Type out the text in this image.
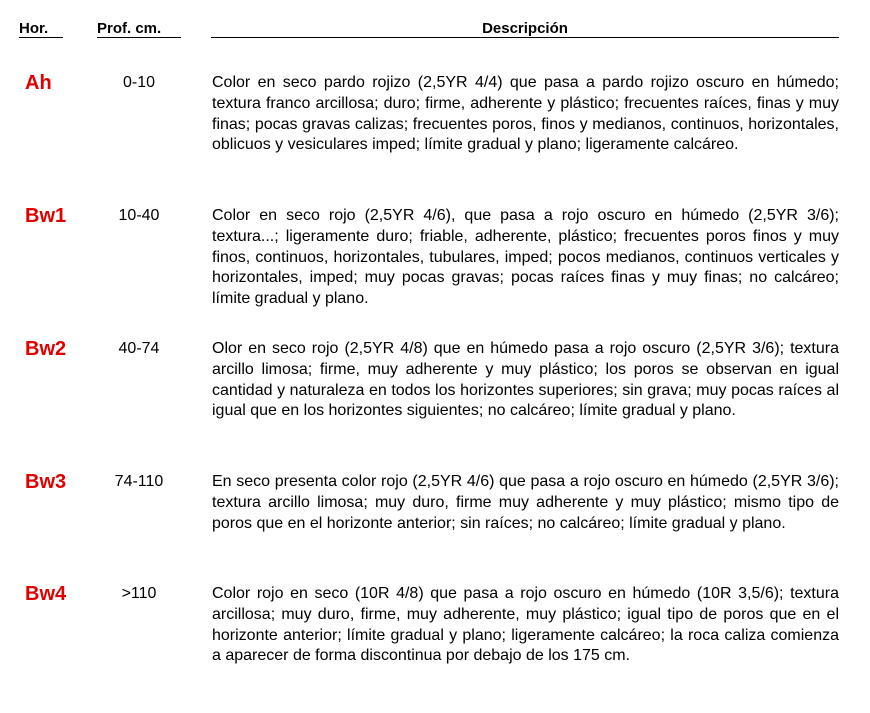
Hor.	Prof. cm.	Descripción
Ah	0-10	Color en seco pardo rojizo (2,5YR 4/4) que pasa a pardo rojizo oscuro en húmedo; textura franco arcillosa; duro; firme, adherente y plástico; frecuentes raíces, finas y muy finas; pocas gravas calizas; frecuentes poros, finos y medianos, continuos, horizontales, oblicuos y vesiculares imped; límite gradual y plano; ligeramente calcáreo.
Bw1	10-40	Color en seco rojo (2,5YR 4/6), que pasa a rojo oscuro en húmedo (2,5YR 3/6); textura...; ligeramente duro; friable, adherente, plástico; frecuentes poros finos y muy finos, continuos, horizontales, tubulares, imped; pocos medianos, continuos verticales y horizontales, imped; muy pocas gravas; pocas raíces finas y muy finas; no calcáreo; límite gradual y plano.
Bw2	40-74	Olor en seco rojo (2,5YR 4/8) que en húmedo pasa a rojo oscuro (2,5YR 3/6); textura arcillo limosa; firme, muy adherente y muy plástico; los poros se observan en igual cantidad y naturaleza en todos los horizontes superiores; sin grava; muy pocas raíces al igual que en los horizontes siguientes; no calcáreo; límite gradual y plano.
Bw3	74-110	En seco presenta color rojo (2,5YR 4/6) que pasa a rojo oscuro en húmedo (2,5YR 3/6); textura arcillo limosa; muy duro, firme muy adherente y muy plástico; mismo tipo de poros que en el horizonte anterior; sin raíces; no calcáreo; límite gradual y plano.
Bw4	>110	Color rojo en seco (10R 4/8) que pasa a rojo oscuro en húmedo (10R 3,5/6); textura arcillosa; muy duro, firme, muy adherente, muy plástico; igual tipo de poros que en el horizonte anterior; límite gradual y plano; ligeramente calcáreo; la roca caliza comienza a aparecer de forma discontinua por debajo de los 175 cm.
